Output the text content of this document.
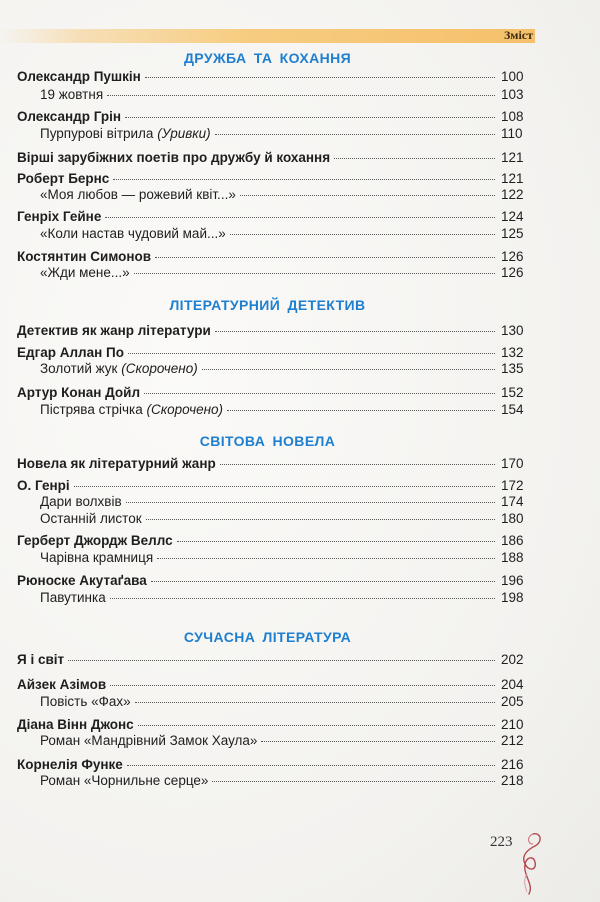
Зміст
ДРУЖБА ТА КОХАННЯ
Олександр Пушкін	100
19 жовтня	103
Олександр Грін	108
Пурпурові вітрила (Уривки)	110
Вірші зарубіжних поетів про дружбу й кохання	121
Роберт Бернс	121
«Моя любов — рожевий квіт...»	122
Генріх Гейне	124
«Коли настав чудовий май...»	125
Костянтин Симонов	126
«Жди мене...»	126
ЛІТЕРАТУРНИЙ ДЕТЕКТИВ
Детектив як жанр літератури	130
Едгар Аллан По	132
Золотий жук (Скорочено)	135
Артур Конан Дойл	152
Пістрява стрічка (Скорочено)	154
СВІТОВА НОВЕЛА
Новела як літературний жанр	170
О. Генрі	172
Дари волхвів	174
Останній листок	180
Герберт Джордж Веллс	186
Чарівна крамниця	188
Рюноске Акутаґава	196
Павутинка	198
СУЧАСНА ЛІТЕРАТУРА
Я і світ	202
Айзек Азімов	204
Повість «Фах»	205
Діана Вінн Джонс	210
Роман «Мандрівний Замок Хаула»	212
Корнелія Функе	216
Роман «Чорнильне серце»	218
223
